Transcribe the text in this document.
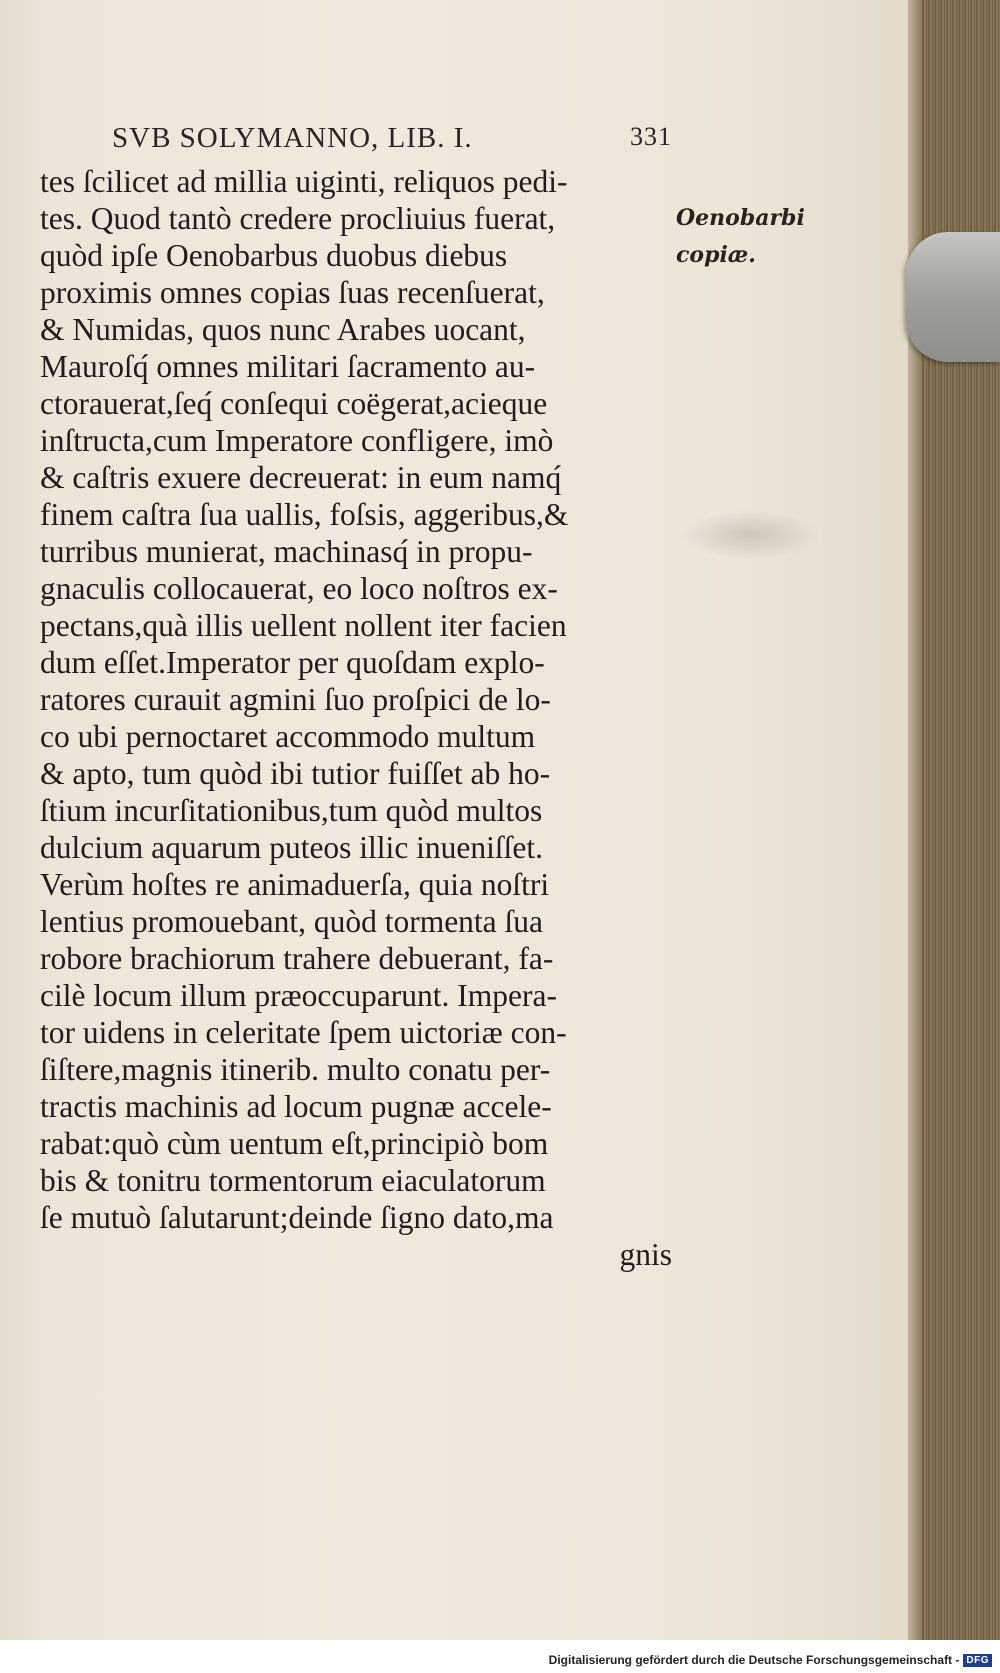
SVB SOLYMANNO, LIB. I.	331
tes ſcilicet ad millia uiginti, reliquos pedi-
tes. Quod tantò credere procliuius fuerat,
quòd ipſe Oenobarbus duobus diebus
proximis omnes copias ſuas recenſuerat,
& Numidas, quos nunc Arabes uocant,
Mauroſq́ omnes militari ſacramento au-
ctorauerat,ſeq́ conſequi coëgerat,acieque
inſtructa,cum Imperatore confligere, imò
& caſtris exuere decreuerat: in eum namq́
finem caſtra ſua uallis, foſsis, aggeribus,&
turribus munierat, machinasq́ in propu-
gnaculis collocauerat, eo loco noſtros ex-
pectans,quà illis uellent nollent iter facien
dum eſſet.Imperator per quoſdam explo-
ratores curauit agmini ſuo proſpici de lo-
co ubi pernoctaret accommodo multum
& apto, tum quòd ibi tutior fuiſſet ab ho-
ſtium incurſitationibus,tum quòd multos
dulcium aquarum puteos illic inueniſſet.
Verùm hoſtes re animaduerſa, quia noſtri
lentius promouebant, quòd tormenta ſua
robore brachiorum trahere debuerant, fa-
cilè locum illum præoccuparunt. Impera-
tor uidens in celeritate ſpem uictoriæ con-
ſiſtere,magnis itinerib. multo conatu per-
tractis machinis ad locum pugnæ accele-
rabat:quò cùm uentum eſt,principiò bom
bis & tonitru tormentorum eiaculatorum
ſe mutuò ſalutarunt;deinde ſigno dato,ma
gnis
Oenobarbi
copiæ.
Digitalisierung gefördert durch die Deutsche Forschungsgemeinschaft - DFG
